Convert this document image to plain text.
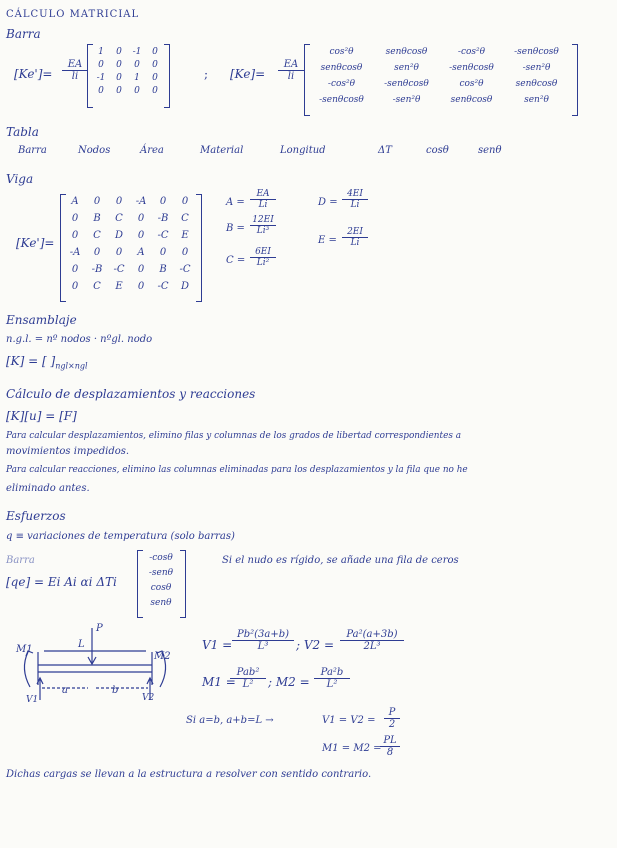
CÁLCULO MATRICIAL
Barra
$[Ke']= \frac{EA}{li}$
1	0	-1	0
0	0	0	0
-1	0	1	0
0	0	0	0
; $[Ke]= \frac{EA}{li}$
cos²θ	senθcosθ	-cos²θ	-senθcosθ
senθcosθ	sen²θ	-senθcosθ	-sen²θ
-cos²θ	-senθcosθ	cos²θ	senθcosθ
-senθcosθ	-sen²θ	senθcosθ	sen²θ
Tabla
Barra	Nodos	Área	Material	Longitud	ΔT	cosθ	senθ
Viga
[Ke']=
A	0	0	-A	0	0
0	B	C	0	-B	C
0	C	D	0	-C	E
-A	0	0	A	0	0
0	-B	-C	0	B	-C
0	C	E	0	-C	D
$A = \frac{EA}{Li}$
$B = \frac{12EI}{\text{Li³}}$
$C = \frac{6EI}{\text{Li²}}$
$D = \frac{4EI}{Li}$
$E = \frac{2EI}{Li}$
Ensamblaje
n.g.l. = nº nodos · nºgl. nodo
[K] = [ ]$_{ngl\times ngl}$
Cálculo de desplazamientos y reacciones
[K][u] = [F]
Para calcular desplazamientos, elimino filas y columnas de los grados de libertad correspondientes a
movimientos impedidos.
Para calcular reacciones, elimino las columnas eliminadas para los desplazamientos y la fila que no he
eliminado antes.
Esfuerzos
q ≡ variaciones de temperatura (solo barras)
Barra
[qe] = Ei Ai αi ΔTi
-cosθ
-senθ
cosθ
senθ
Si el nudo es rígido, se añade una fila de ceros
P
L
M1
M2
a	b
V1	V2
$V1 = \frac{\text{Pb²(3a+b)}}{\text{L³}}$ ; $V2 = \frac{\text{Pa²(a+3b)}}{\text{2L³}}$
M1 =
Pab²
L²	; $M2 = \frac{\text{Pa²b}}{\text{L²}}$
Si a=b, a+b=L →	$V1 = V2 = \frac{P}{2}$
M1 = M2 =
$\frac{PL}{8}$
Dichas cargas se llevan a la estructura a resolver con sentido contrario.
